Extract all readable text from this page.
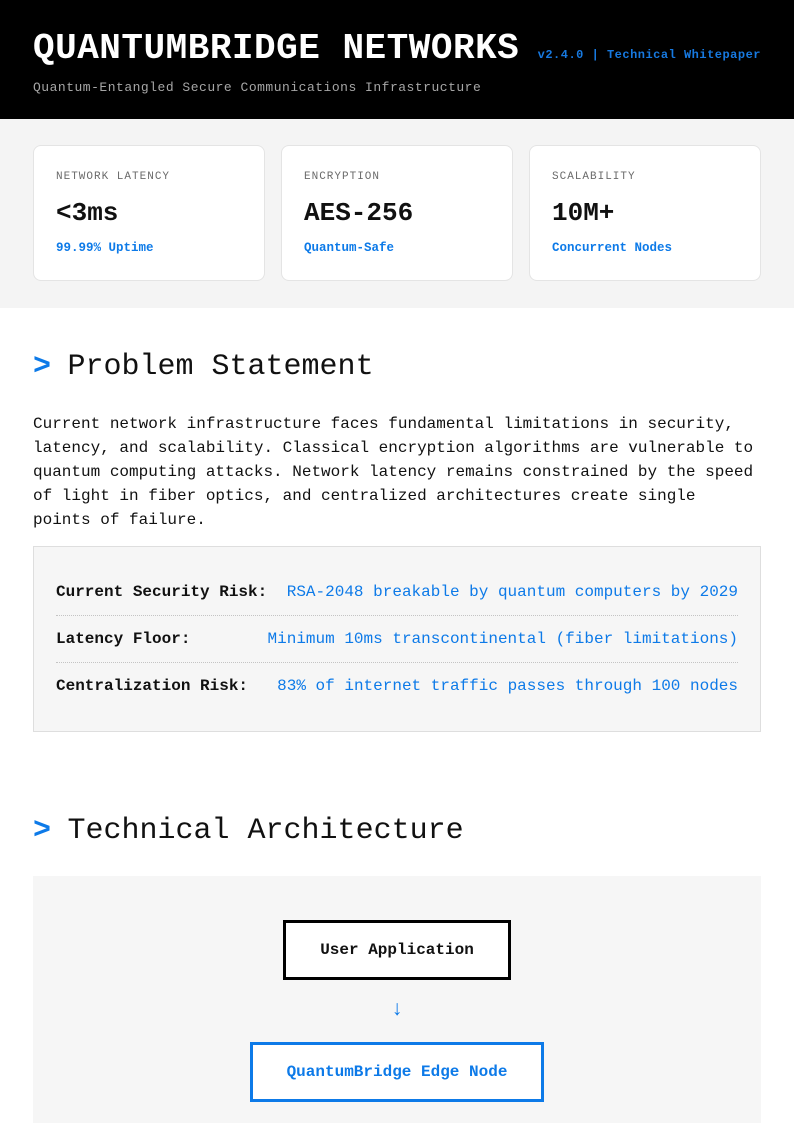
QUANTUMBRIDGE NETWORKS v2.4.0 | Technical Whitepaper
Quantum-Entangled Secure Communications Infrastructure
NETWORK LATENCY
<3ms
99.99% Uptime
ENCRYPTION
AES-256
Quantum-Safe
SCALABILITY
10M+
Concurrent Nodes
> Problem Statement

Current network infrastructure faces fundamental limitations in security, latency, and scalability. Classical encryption algorithms are vulnerable to quantum computing attacks. Network latency remains constrained by the speed of light in fiber optics, and centralized architectures create single points of failure.

Current Security Risk: RSA-2048 breakable by quantum computers by 2029
Latency Floor:	Minimum 10ms transcontinental (fiber limitations)
Centralization Risk: 83% of internet traffic passes through 100 nodes
> Technical Architecture
User Application
↓
QuantumBridge Edge Node
